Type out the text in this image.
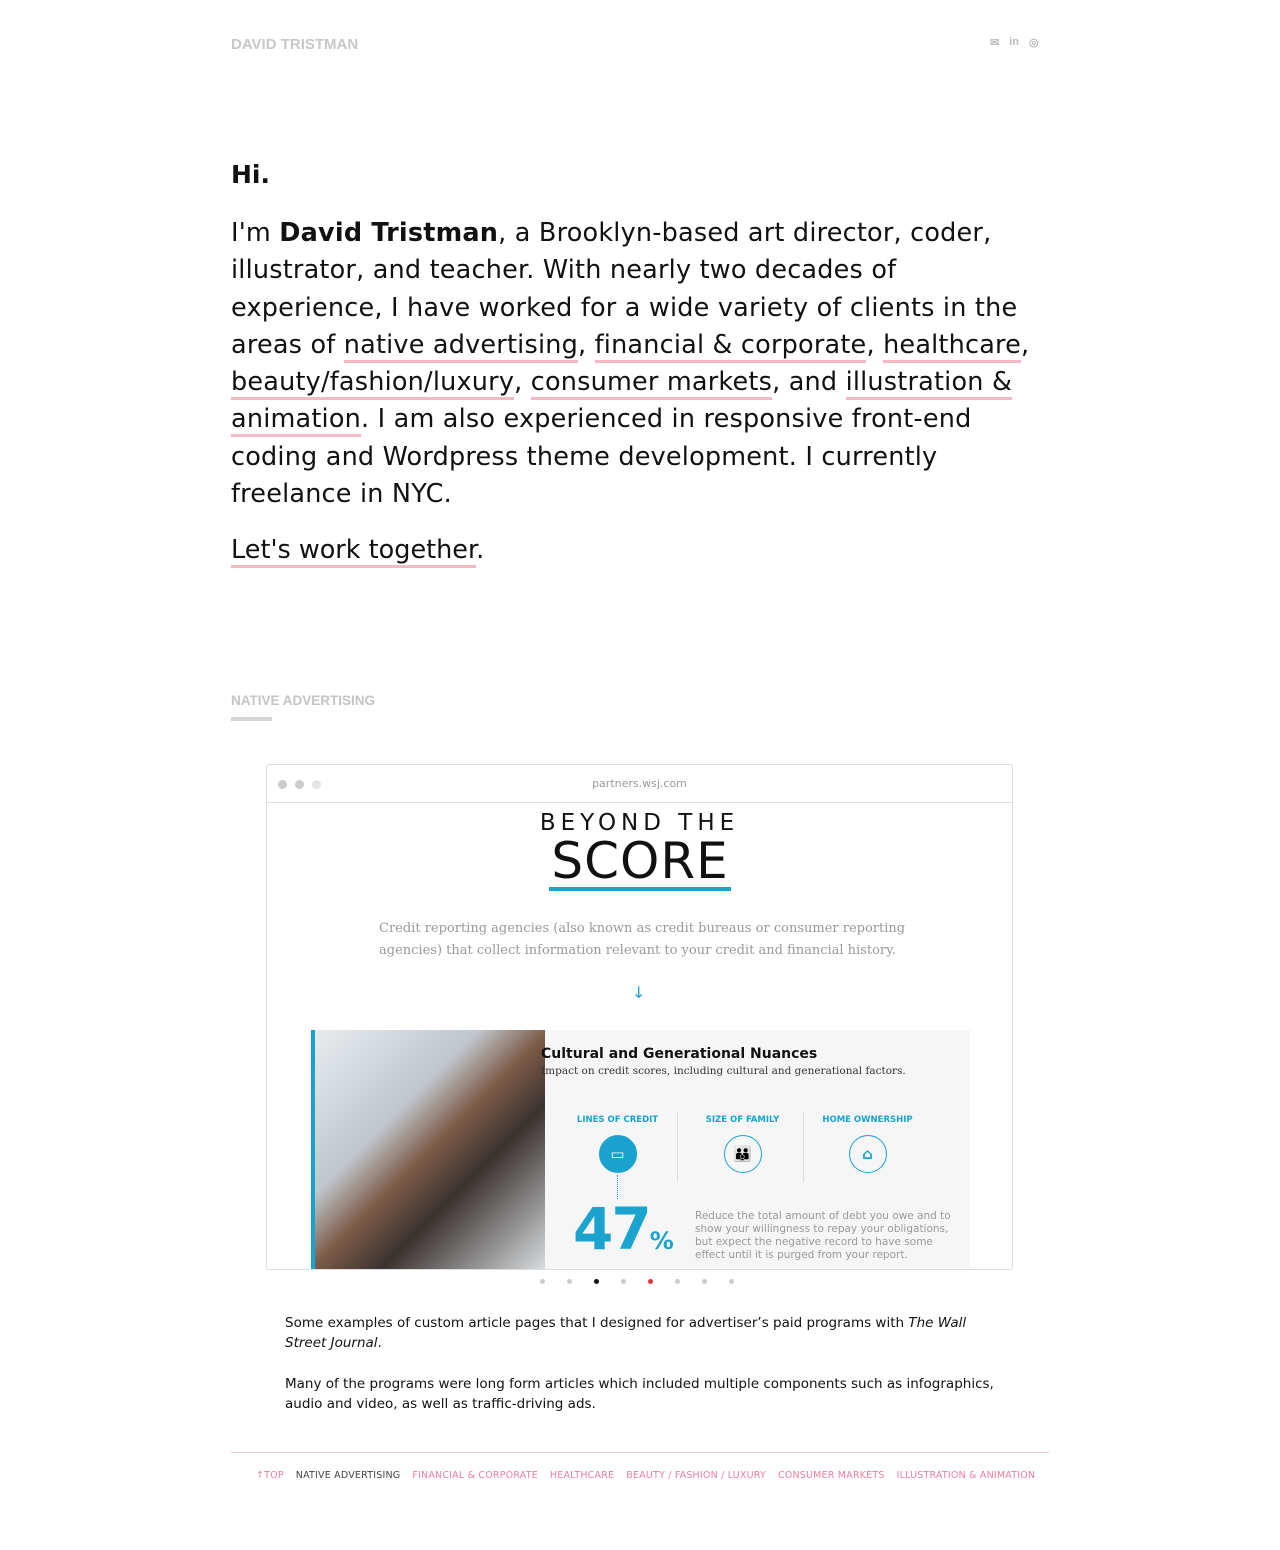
DAVID TRISTMAN	✉ in ◎
Hi.
I'm David Tristman, a Brooklyn-based art director, coder, illustrator, and teacher. With nearly two decades of experience, I have worked for a wide variety of clients in the areas of native advertising, financial & corporate, healthcare, beauty/fashion/luxury, consumer markets, and illustration & animation. I am also experienced in responsive front-end coding and Wordpress theme development. I currently freelance in NYC.
Let's work together.
NATIVE ADVERTISING
partners.wsj.com
BEYOND THE
SCORE
Credit reporting agencies (also known as credit bureaus or consumer reporting agencies) that collect information relevant to your credit and financial history.
↓
Cultural and Generational Nuances
Impact on credit scores, including cultural and generational factors.
LINES OF CREDIT
▭
SIZE OF FAMILY
👪
HOME OWNERSHIP
⌂
47%
Reduce the total amount of debt you owe and to show your willingness to repay your obligations, but expect the negative record to have some effect until it is purged from your report.
Some examples of custom article pages that I designed for advertiser’s paid programs with The Wall Street Journal.
Many of the programs were long form articles which included multiple components such as infographics, audio and video, as well as traffic-driving ads.
↑TOP NATIVE ADVERTISING FINANCIAL & CORPORATE HEALTHCARE BEAUTY / FASHION / LUXURY CONSUMER MARKETS ILLUSTRATION & ANIMATION
